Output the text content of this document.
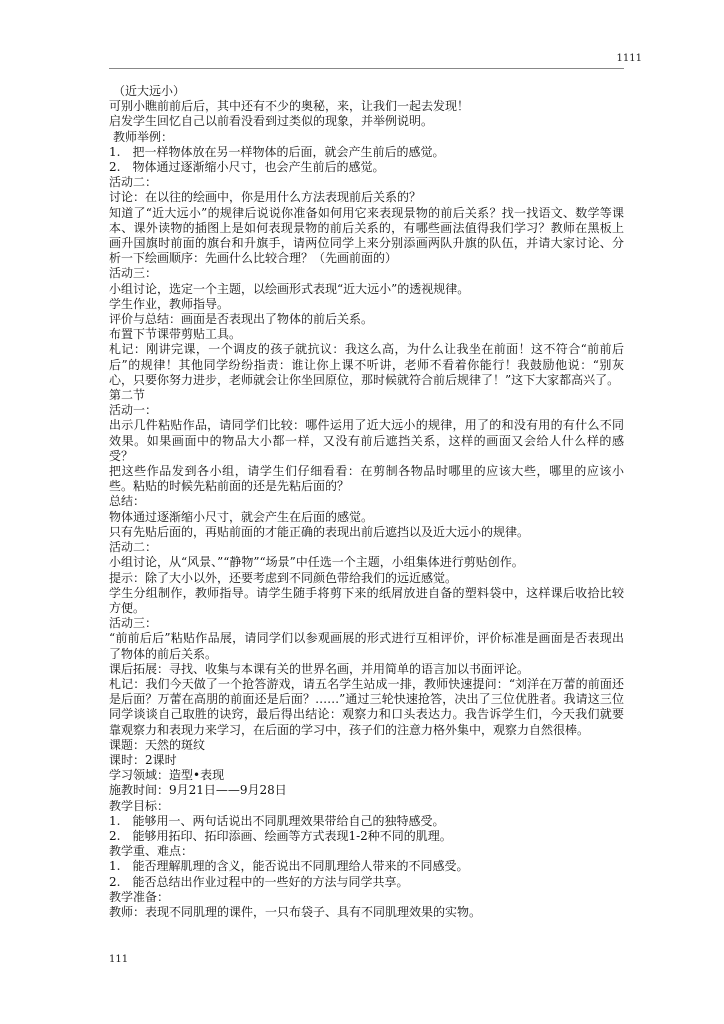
1111

（近大远小）

可别小瞧前前后后，其中还有不少的奥秘，来，让我们一起去发现！

启发学生回忆自己以前看没看到过类似的现象，并举例说明。

教师举例：

1.　把一样物体放在另一样物体的后面，就会产生前后的感觉。

2.　物体通过逐渐缩小尺寸，也会产生前后的感觉。

活动二：

讨论：在以往的绘画中，你是用什么方法表现前后关系的？

知道了“近大远小”的规律后说说你准备如何用它来表现景物的前后关系？找一找语文、数学等课本、课外读物的插图上是如何表现景物的前后关系的，有哪些画法值得我们学习？教师在黑板上画升国旗时前面的旗台和升旗手，请两位同学上来分别添画两队升旗的队伍，并请大家讨论、分析一下绘画顺序：先画什么比较合理？（先画前面的）

活动三：

小组讨论，选定一个主题，以绘画形式表现“近大远小”的透视规律。

学生作业，教师指导。

评价与总结：画面是否表现出了物体的前后关系。

布置下节课带剪贴工具。

札记：刚讲完课，一个调皮的孩子就抗议：我这么高，为什么让我坐在前面！这不符合“前前后后”的规律！其他同学纷纷指责：谁让你上课不听讲，老师不看着你能行！我鼓励他说：“别灰心，只要你努力进步，老师就会让你坐回原位，那时候就符合前后规律了！”这下大家都高兴了。

第二节

活动一：

出示几件粘贴作品，请同学们比较：哪件运用了近大远小的规律，用了的和没有用的有什么不同效果。如果画面中的物品大小都一样，又没有前后遮挡关系，这样的画面又会给人什么样的感受？

把这些作品发到各小组，请学生们仔细看看：在剪制各物品时哪里的应该大些，哪里的应该小些。粘贴的时候先粘前面的还是先粘后面的？

总结：

物体通过逐渐缩小尺寸，就会产生在后面的感觉。

只有先贴后面的，再贴前面的才能正确的表现出前后遮挡以及近大远小的规律。

活动二：

小组讨论，从“风景、”“静物”“场景”中任选一个主题，小组集体进行剪贴创作。

提示：除了大小以外，还要考虑到不同颜色带给我们的远近感觉。

学生分组制作，教师指导。请学生随手将剪下来的纸屑放进自备的塑料袋中，这样课后收拾比较方便。

活动三：

“前前后后”粘贴作品展，请同学们以参观画展的形式进行互相评价，评价标准是画面是否表现出了物体的前后关系。

课后拓展：寻找、收集与本课有关的世界名画，并用简单的语言加以书面评论。

札记：我们今天做了一个抢答游戏，请五名学生站成一排，教师快速提问：“刘洋在万蕾的前面还是后面？万蕾在高朋的前面还是后面？……”通过三轮快速抢答，决出了三位优胜者。我请这三位同学谈谈自己取胜的诀窍，最后得出结论：观察力和口头表达力。我告诉学生们，今天我们就要靠观察力和表现力来学习，在后面的学习中，孩子们的注意力格外集中，观察力自然很棒。

课题：天然的斑纹

课时：2课时

学习领域：造型•表现

施教时间：9月21日——9月28日

教学目标：

1.　能够用一、两句话说出不同肌理效果带给自己的独特感受。

2.　能够用拓印、拓印添画、绘画等方式表现1-2种不同的肌理。

教学重、难点：

1.　能否理解肌理的含义，能否说出不同肌理给人带来的不同感受。

2.　能否总结出作业过程中的一些好的方法与同学共享。

教学准备：

教师：表现不同肌理的课件，一只布袋子、具有不同肌理效果的实物。

111
